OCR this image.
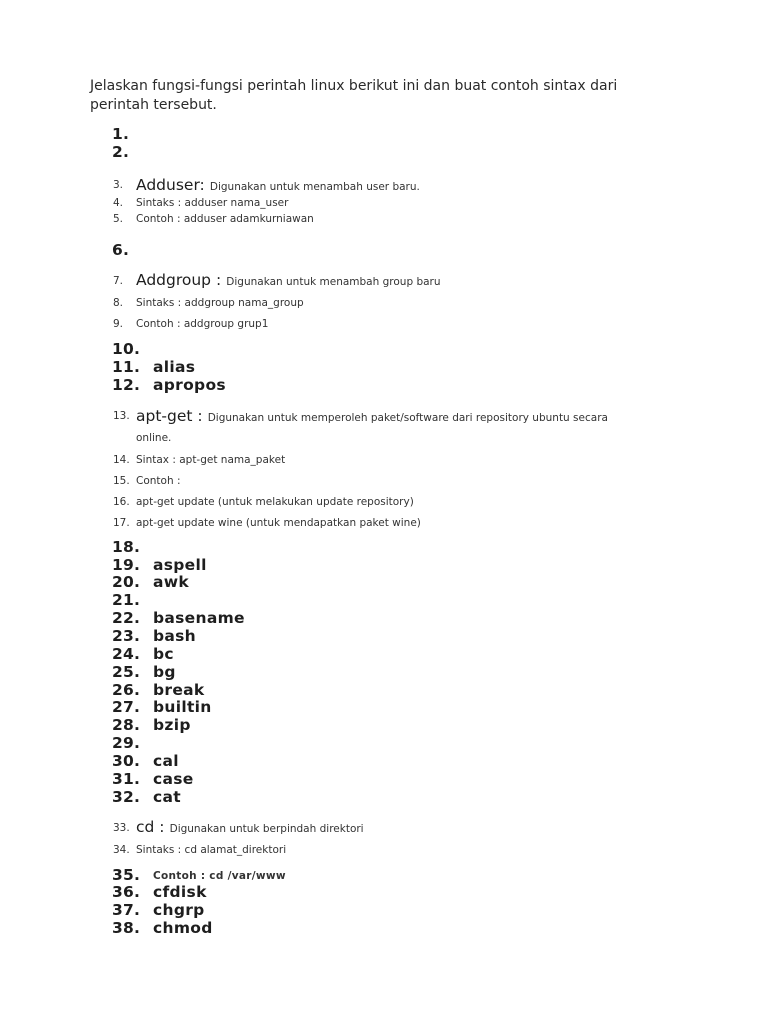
Jelaskan fungsi-fungsi perintah linux berikut ini dan buat contoh sintax dari perintah tersebut.
1.
2.
3. Adduser: Digunakan untuk menambah user baru.
4. Sintaks : adduser nama_user
5. Contoh : adduser adamkurniawan
6.
7. Addgroup : Digunakan untuk menambah group baru
8. Sintaks : addgroup nama_group
9. Contoh : addgroup grup1
10.
11. alias
12. apropos
13. apt-get : Digunakan untuk memperoleh paket/software dari repository ubuntu secara
online.
14. Sintax : apt-get nama_paket
15. Contoh :
16. apt-get update (untuk melakukan update repository)
17. apt-get update wine (untuk mendapatkan paket wine)
18.
19. aspell
20. awk
21.
22. basename
23. bash
24. bc
25. bg
26. break
27. builtin
28. bzip
29.
30. cal
31. case
32. cat
33. cd : Digunakan untuk berpindah direktori
34. Sintaks : cd alamat_direktori
35. Contoh : cd /var/www
36. cfdisk
37. chgrp
38. chmod
